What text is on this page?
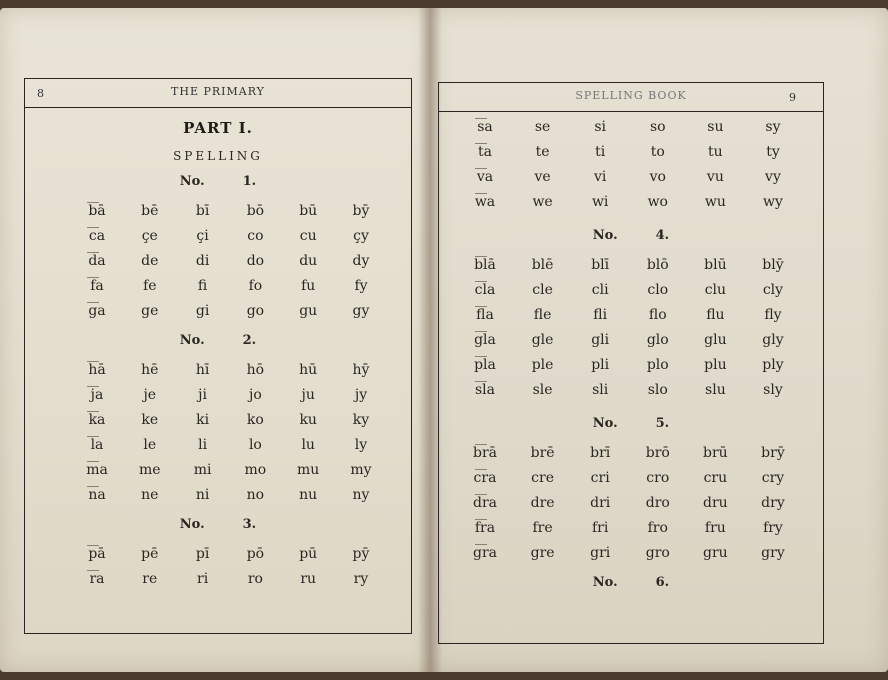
8	THE PRIMARY
PART I.
SPELLING
No.	1.
bā	bē	bī	bō	bū	bȳ
ca	çe	çi	co	cu	çy
da	de	di	do	du	dy
fa	fe	fi	fo	fu	fy
ga	ge	gi	go	gu	gy
No.	2.
hā	hē	hī	hō	hū	hȳ
ja	je	ji	jo	ju	jy
ka	ke	ki	ko	ku	ky
la	le	li	lo	lu	ly
ma	me	mi	mo	mu	my
na	ne	ni	no	nu	ny
No.	3.
pā	pē	pī	pō	pū	pȳ
ra	re	ri	ro	ru	ry
SPELLING BOOK	9
sa	se	si	so	su	sy
ta	te	ti	to	tu	ty
va	ve	vi	vo	vu	vy
wa	we	wi	wo	wu	wy
No.	4.
blā	blē	blī	blō	blū	blȳ
cla	cle	cli	clo	clu	cly
fla	fle	fli	flo	flu	fly
gla	gle	gli	glo	glu	gly
pla	ple	pli	plo	plu	ply
sla	sle	sli	slo	slu	sly
No.	5.
brā	brē	brī	brō	brū	brȳ
cra	cre	cri	cro	cru	cry
dra	dre	dri	dro	dru	dry
fra	fre	fri	fro	fru	fry
gra	gre	gri	gro	gru	gry
No.	6.
